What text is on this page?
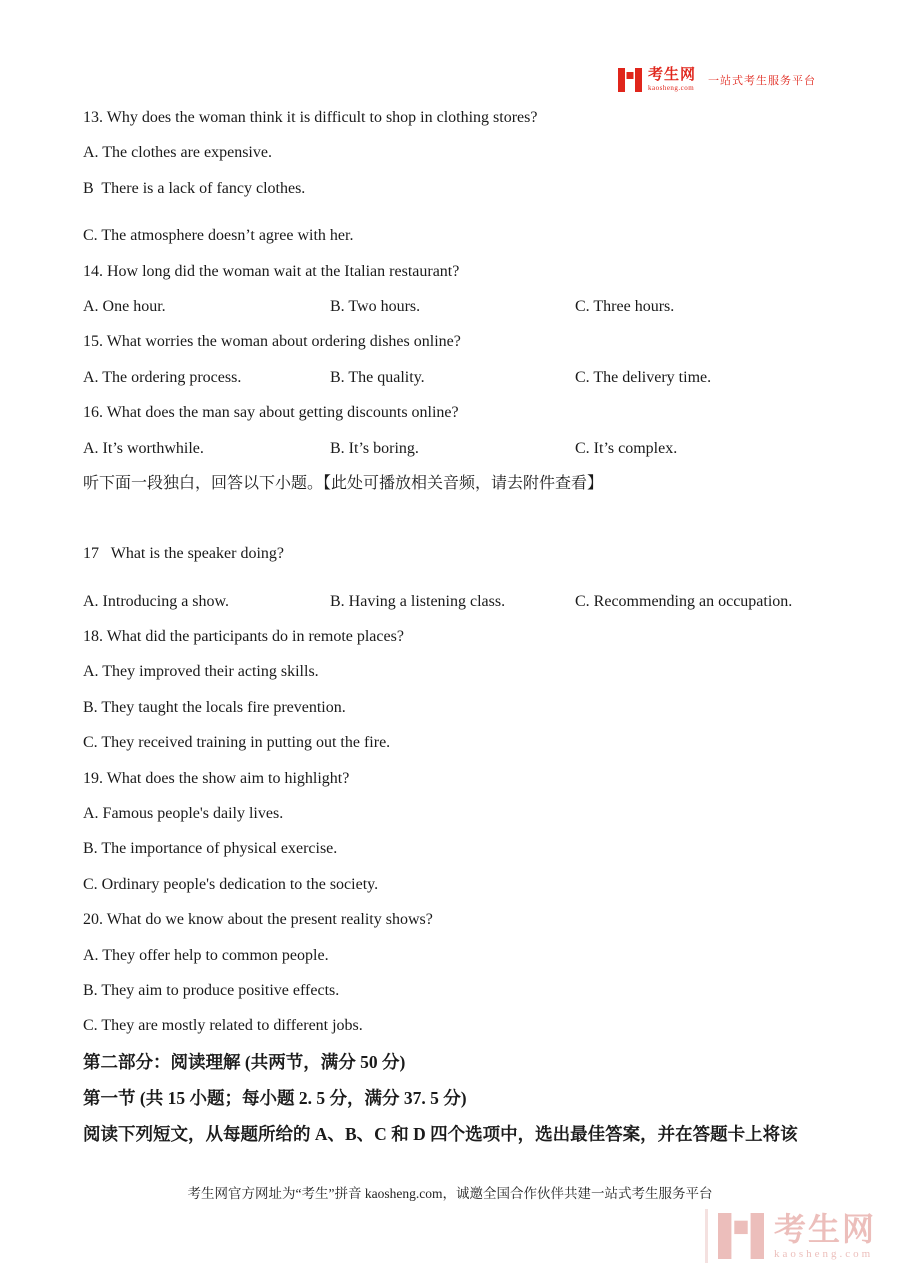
考生网
kaosheng.com
一站式考生服务平台
13. Why does the woman think it is difficult to shop in clothing stores?
A. The clothes are expensive.
B  There is a lack of fancy clothes.
C. The atmosphere doesn’t agree with her.
14. How long did the woman wait at the Italian restaurant?
A. One hour.	B. Two hours.	C. Three hours.
15. What worries the woman about ordering dishes online?
A. The ordering process.	B. The quality.	C. The delivery time.
16. What does the man say about getting discounts online?
A. It’s worthwhile.	B. It’s boring.	C. It’s complex.
听下面一段独白，回答以下小题。【此处可播放相关音频，请去附件查看】
17   What is the speaker doing?
A. Introducing a show.	B. Having a listening class.	C. Recommending an occupation.
18. What did the participants do in remote places?
A. They improved their acting skills.
B. They taught the locals fire prevention.
C. They received training in putting out the fire.
19. What does the show aim to highlight?
A. Famous people's daily lives.
B. The importance of physical exercise.
C. Ordinary people's dedication to the society.
20. What do we know about the present reality shows?
A. They offer help to common people.
B. They aim to produce positive effects.
C. They are mostly related to different jobs.
第二部分：阅读理解 (共两节，满分 50 分)
第一节 (共 15 小题；每小题 2. 5 分，满分 37. 5 分)
阅读下列短文，从每题所给的 A、B、C 和 D 四个选项中，选出最佳答案，并在答题卡上将该
考生网官方网址为“考生”拼音 kaosheng.com，诚邀全国合作伙伴共建一站式考生服务平台
考生网
kaosheng.com
